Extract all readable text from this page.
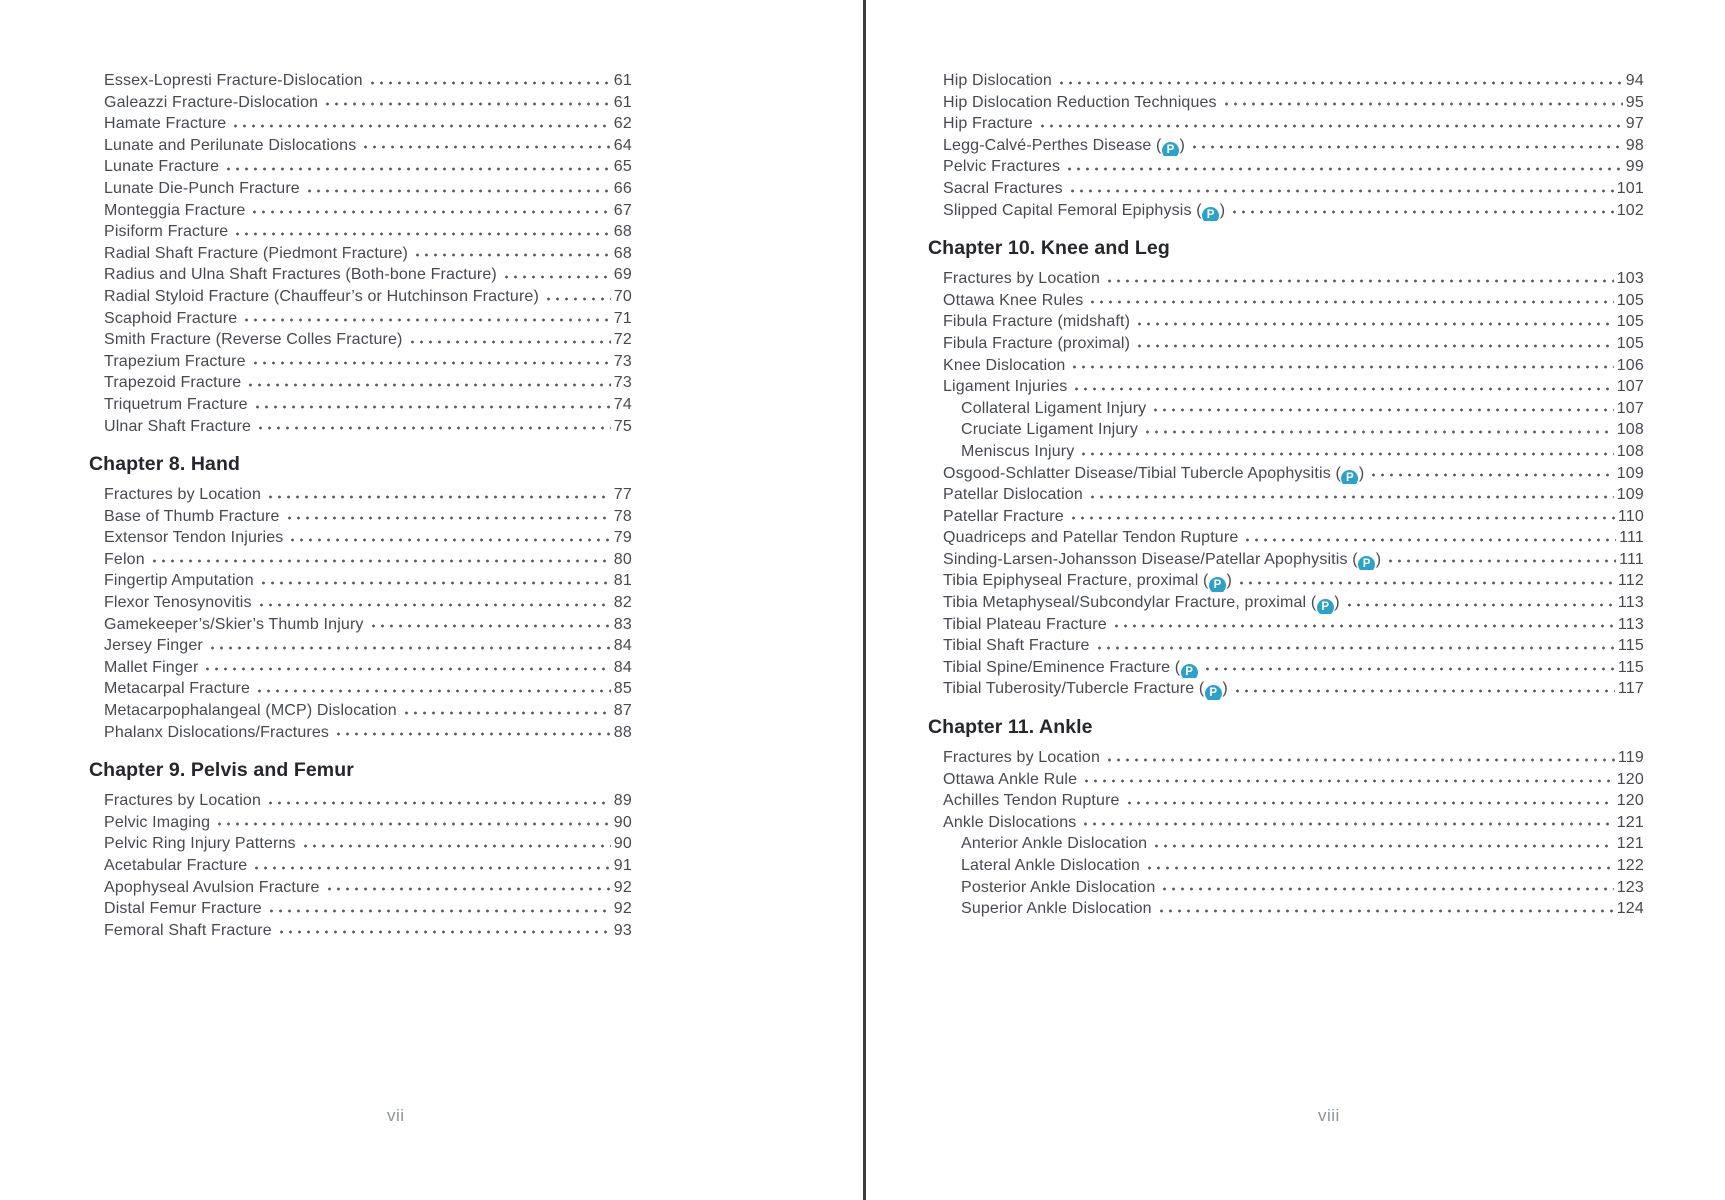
Essex-Lopresti Fracture-Dislocation	61
Galeazzi Fracture-Dislocation	61
Hamate Fracture	62
Lunate and Perilunate Dislocations	64
Lunate Fracture	65
Lunate Die-Punch Fracture	66
Monteggia Fracture	67
Pisiform Fracture	68
Radial Shaft Fracture (Piedmont Fracture)	68
Radius and Ulna Shaft Fractures (Both-bone Fracture)	69
Radial Styloid Fracture (Chauffeur’s or Hutchinson Fracture)	70
Scaphoid Fracture	71
Smith Fracture (Reverse Colles Fracture)	72
Trapezium Fracture	73
Trapezoid Fracture	73
Triquetrum Fracture	74
Ulnar Shaft Fracture	75
Chapter 8. Hand
Fractures by Location	77
Base of Thumb Fracture	78
Extensor Tendon Injuries	79
Felon	80
Fingertip Amputation	81
Flexor Tenosynovitis	82
Gamekeeper’s/Skier’s Thumb Injury	83
Jersey Finger	84
Mallet Finger	84
Metacarpal Fracture	85
Metacarpophalangeal (MCP) Dislocation	87
Phalanx Dislocations/Fractures	88
Chapter 9. Pelvis and Femur
Fractures by Location	89
Pelvic Imaging	90
Pelvic Ring Injury Patterns	90
Acetabular Fracture	91
Apophyseal Avulsion Fracture	92
Distal Femur Fracture	92
Femoral Shaft Fracture	93
Hip Dislocation	94
Hip Dislocation Reduction Techniques	95
Hip Fracture	97
Legg-Calvé-Perthes Disease ( P )	98
Pelvic Fractures	99
Sacral Fractures	101
Slipped Capital Femoral Epiphysis ( P )	102
Chapter 10. Knee and Leg
Fractures by Location	103
Ottawa Knee Rules	105
Fibula Fracture (midshaft)	105
Fibula Fracture (proximal)	105
Knee Dislocation	106
Ligament Injuries	107
Collateral Ligament Injury	107
Cruciate Ligament Injury	108
Meniscus Injury	108
Osgood-Schlatter Disease/Tibial Tubercle Apophysitis ( P )	109
Patellar Dislocation	109
Patellar Fracture	110
Quadriceps and Patellar Tendon Rupture	111
Sinding-Larsen-Johansson Disease/Patellar Apophysitis ( P )	111
Tibia Epiphyseal Fracture, proximal ( P )	112
Tibia Metaphyseal/Subcondylar Fracture, proximal ( P )	113
Tibial Plateau Fracture	113
Tibial Shaft Fracture	115
Tibial Spine/Eminence Fracture ( P	115
Tibial Tuberosity/Tubercle Fracture ( P )	117
Chapter 11. Ankle
Fractures by Location	119
Ottawa Ankle Rule	120
Achilles Tendon Rupture	120
Ankle Dislocations	121
Anterior Ankle Dislocation	121
Lateral Ankle Dislocation	122
Posterior Ankle Dislocation	123
Superior Ankle Dislocation	124
vii	viii
